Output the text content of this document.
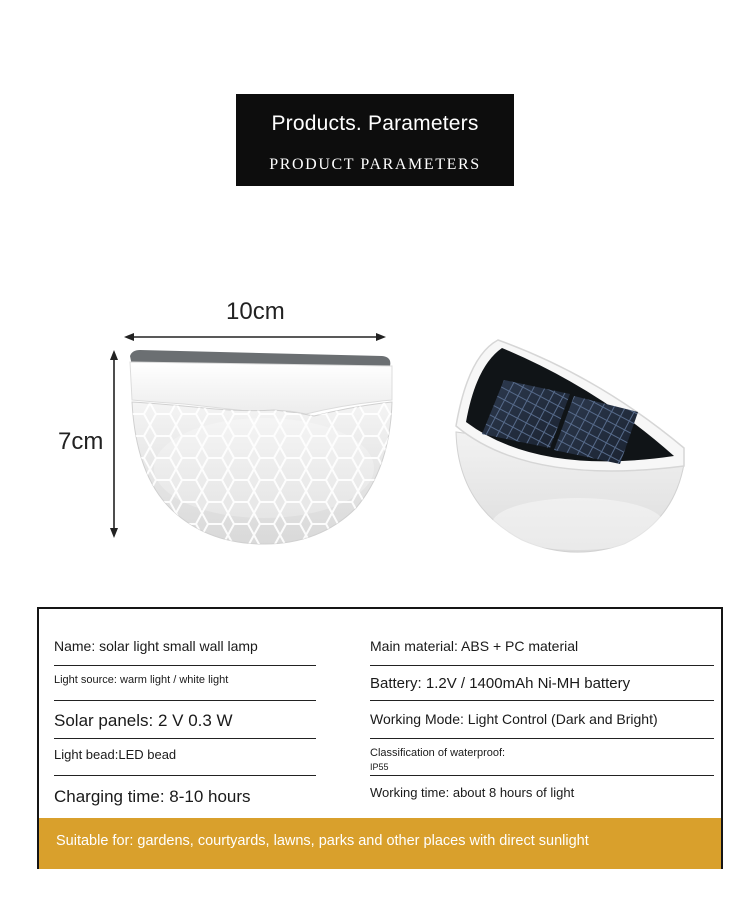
Products. Parameters
PRODUCT PARAMETERS
10cm
7cm
Name: solar light small wall lamp	Main material: ABS + PC material
Light source: warm light / white light	Battery: 1.2V / 1400mAh Ni-MH battery
Solar panels: 2 V 0.3 W	Working Mode: Light Control (Dark and Bright)
Light bead:LED bead	Classification of waterproof:
IP55
Charging time: 8-10 hours	Working time: about 8 hours of light
Suitable for: gardens, courtyards, lawns, parks and other places with direct sunlight
